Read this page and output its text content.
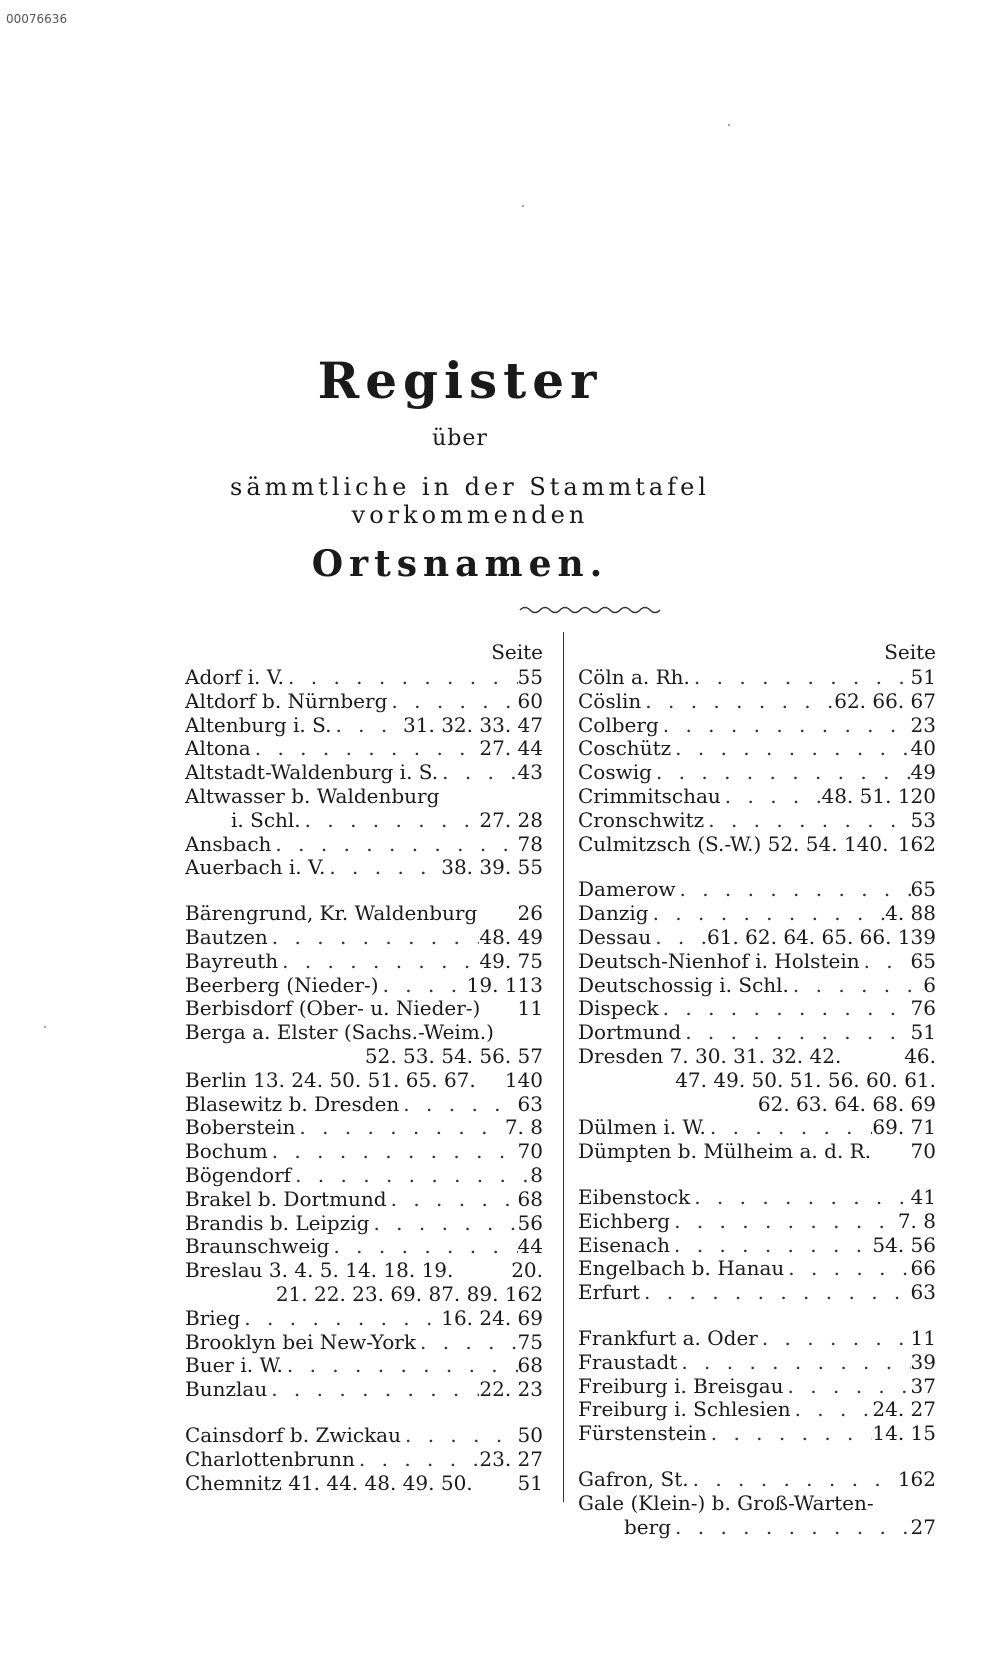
00076636
Register
über
sämmtliche in der Stammtafel vorkommenden
Ortsnamen.
Seite
Adorf i. V. . . .	55
Altdorf b. Nürnberg . . .	60
Altenburg i. S. . . .	31. 32. 33. 47
Altona . . .	27. 44
Altstadt-Waldenburg i. S. . . .	43
Altwasser b. Waldenburg
i. Schl. . . .	27. 28
Ansbach . . .	78
Auerbach i. V. . . .	38. 39. 55
Bärengrund, Kr. Waldenburg 26
Bautzen . . .	48. 49
Bayreuth . . .	49. 75
Beerberg (Nieder-) . . .	19. 113
Berbisdorf (Ober- u. Nieder-) 11
Berga a. Elster (Sachs.-Weim.)
52. 53. 54. 56. 57
Berlin 13. 24. 50. 51. 65. 67. 140
Blasewitz b. Dresden . . .	63
Boberstein . . .	7. 8
Bochum . . .	70
Bögendorf . . .	8
Brakel b. Dortmund . . .	68
Brandis b. Leipzig . . .	56
Braunschweig . . .	44
Breslau 3. 4. 5. 14. 18. 19.	20.
21. 22. 23. 69. 87. 89. 162
Brieg . . .	16. 24. 69
Brooklyn bei New-York . . .	75
Buer i. W. . . .	68
Bunzlau . . .	22. 23
Cainsdorf b. Zwickau . . .	50
Charlottenbrunn . . .	23. 27
Chemnitz 41. 44. 48. 49. 50. 51
Seite
Cöln a. Rh. . . .	51
Cöslin . . .	62. 66. 67
Colberg . . .	23
Coschütz . . .	40
Coswig . . .	49
Crimmitschau . . .	48. 51. 120
Cronschwitz . . .	53
Culmitzsch (S.-W.) 52. 54. 140. 162
Damerow . . .	65
Danzig . . .	4. 88
Dessau . . .	61. 62. 64. 65. 66. 139
Deutsch-Nienhof i. Holstein . . .	65
Deutschossig i. Schl. . . .	6
Dispeck . . .	76
Dortmund . . .	51
Dresden 7. 30. 31. 32. 42.	46.
47. 49. 50. 51. 56. 60. 61.
62. 63. 64. 68. 69
Dülmen i. W. . . .	69. 71
Dümpten b. Mülheim a. d. R. 70
Eibenstock . . .	41
Eichberg . . .	7. 8
Eisenach . . .	54. 56
Engelbach b. Hanau . . .	66
Erfurt . . .	63
Frankfurt a. Oder . . .	11
Fraustadt . . .	39
Freiburg i. Breisgau . . .	37
Freiburg i. Schlesien . . .	24. 27
Fürstenstein . . .	14. 15
Gafron, St. . . .	162
Gale (Klein-) b. Groß-Warten-
berg . . .	27
